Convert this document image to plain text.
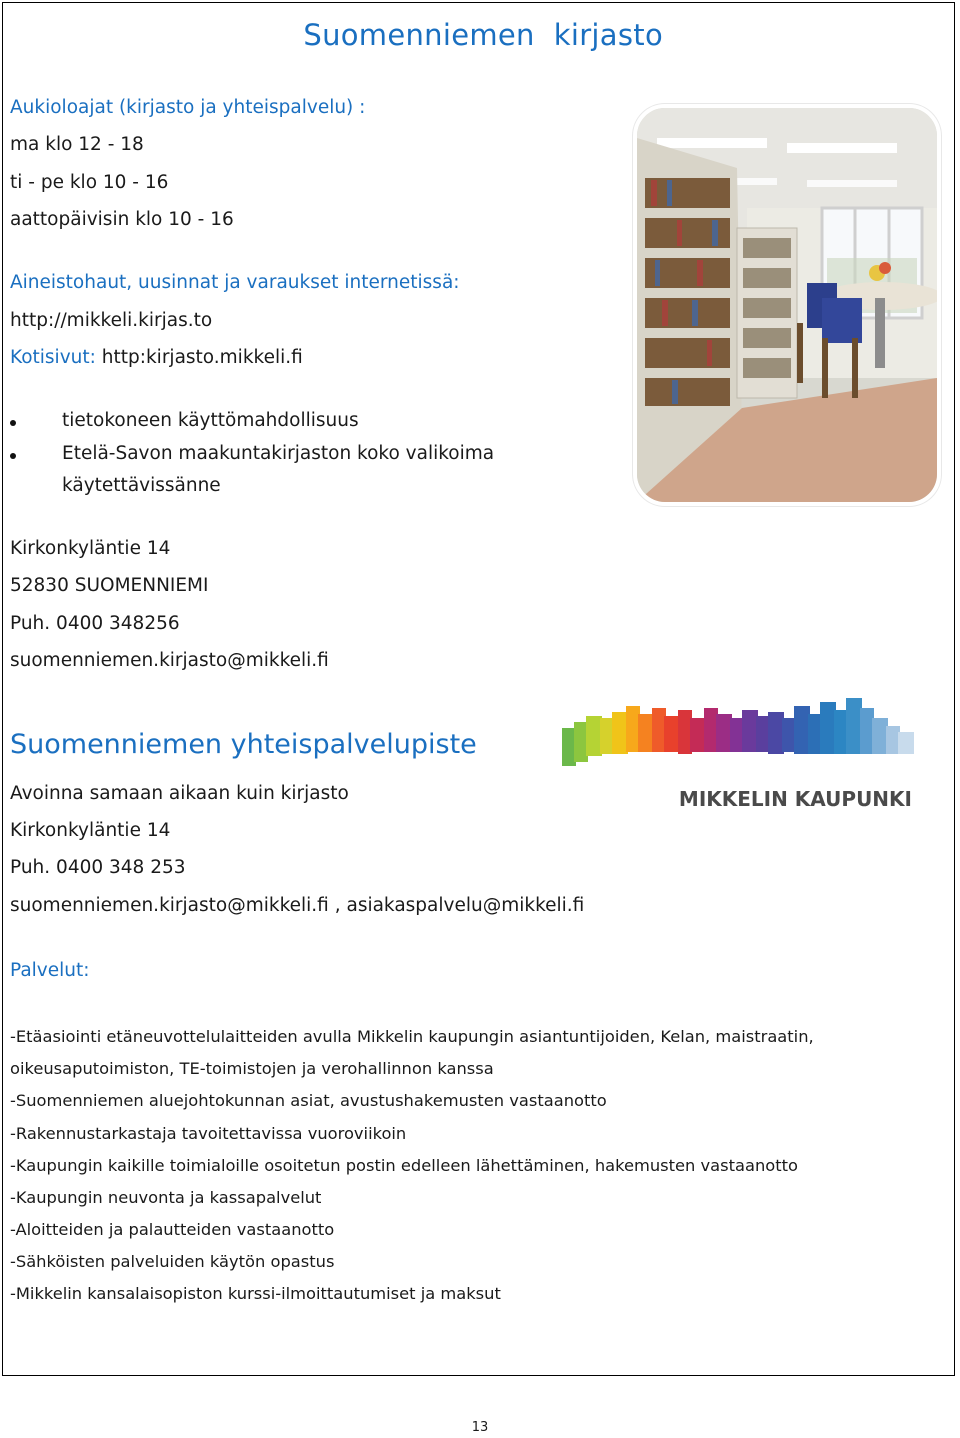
Suomenniemen  kirjasto
Aukioloajat (kirjasto ja yhteispalvelu) :
ma klo 12 - 18
ti - pe klo 10 - 16
aattopäivisin klo 10 - 16
Aineistohaut, uusinnat ja varaukset internetissä:
http://mikkeli.kirjas.to
Kotisivut: http:kirjasto.mikkeli.fi
tietokoneen käyttömahdollisuus
Etelä-Savon maakuntakirjaston koko valikoima
käytettävissänne
Kirkonkyläntie 14
52830 SUOMENNIEMI
Puh. 0400 348256
suomenniemen.kirjasto@mikkeli.fi
Suomenniemen yhteispalvelupiste
Avoinna samaan aikaan kuin kirjasto
Kirkonkyläntie 14
Puh. 0400 348 253
suomenniemen.kirjasto@mikkeli.fi , asiakaspalvelu@mikkeli.fi
MIKKELIN KAUPUNKI
Palvelut:
-Etäasiointi etäneuvottelulaitteiden avulla Mikkelin kaupungin asiantuntijoiden, Kelan, maistraatin,
oikeusaputoimiston, TE-toimistojen ja verohallinnon kanssa
-Suomenniemen aluejohtokunnan asiat, avustushakemusten vastaanotto
-Rakennustarkastaja tavoitettavissa vuoroviikoin
-Kaupungin kaikille toimialoille osoitetun postin edelleen lähettäminen, hakemusten vastaanotto
-Kaupungin neuvonta ja kassapalvelut
-Aloitteiden ja palautteiden vastaanotto
-Sähköisten palveluiden käytön opastus
-Mikkelin kansalaisopiston kurssi-ilmoittautumiset ja maksut
13
